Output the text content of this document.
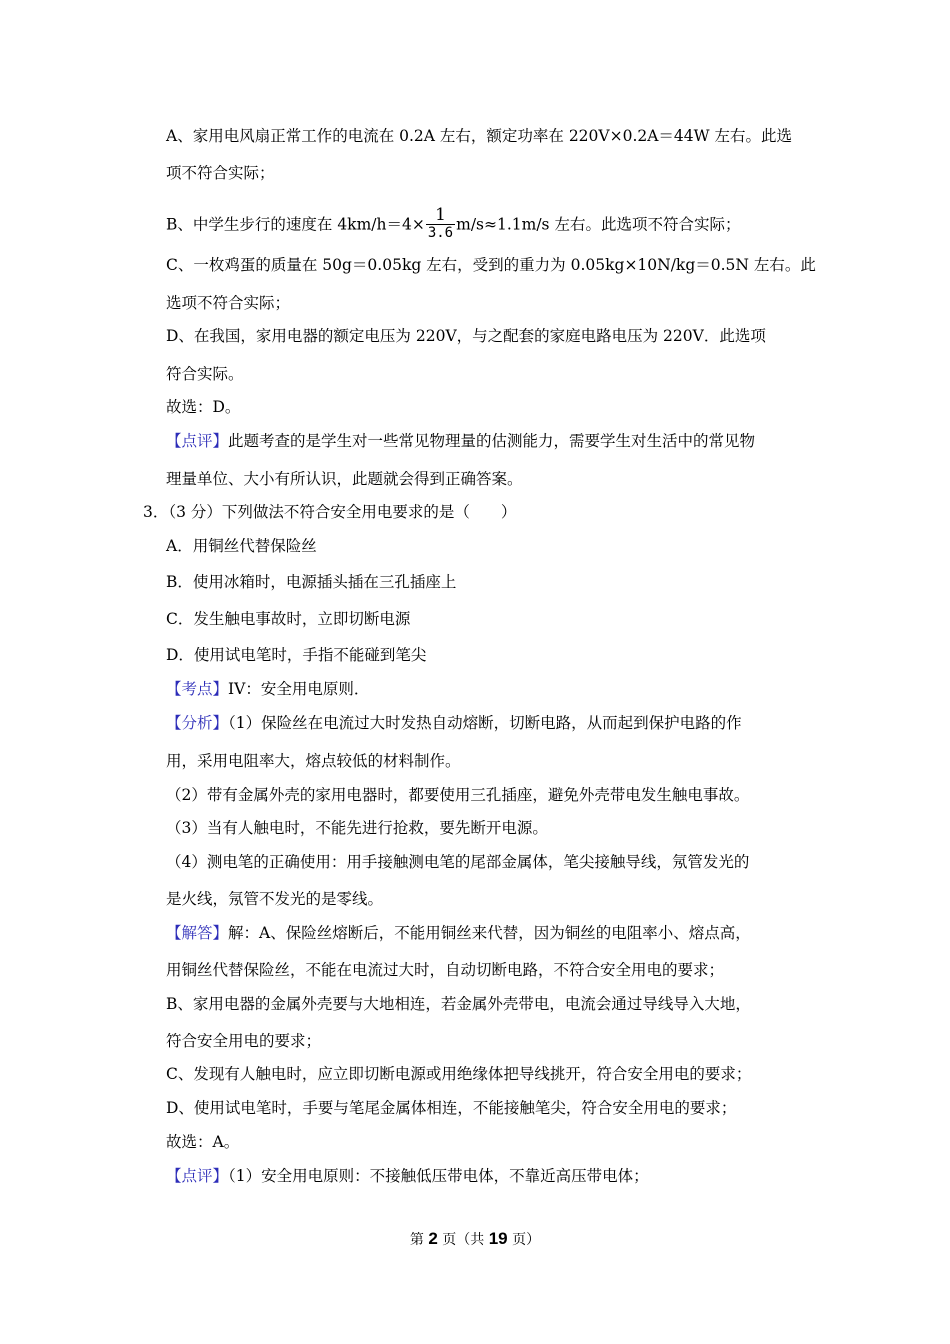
A、家用电风扇正常工作的电流在 0.2A 左右，额定功率在 220V×0.2A＝44W 左右。此选

项不符合实际；

B、中学生步行的速度在 $4km/h=4\times \frac{1}{3.6} m/s\approx 1.1m/s$ 左右。此选项不符合实际；

C、一枚鸡蛋的质量在 50g＝0.05kg 左右，受到的重力为 0.05kg×10N/kg＝0.5N 左右。此

选项不符合实际；

D、在我国，家用电器的额定电压为 220V，与之配套的家庭电路电压为 220V．此选项

符合实际。

故选：D。

【点评】此题考查的是学生对一些常见物理量的估测能力，需要学生对生活中的常见物

理量单位、大小有所认识，此题就会得到正确答案。

3．（3 分）下列做法不符合安全用电要求的是（　　）

A．用铜丝代替保险丝

B．使用冰箱时，电源插头插在三孔插座上

C．发生触电事故时，立即切断电源

D．使用试电笔时，手指不能碰到笔尖

【考点】IV：安全用电原则．

【分析】（1）保险丝在电流过大时发热自动熔断，切断电路，从而起到保护电路的作

用，采用电阻率大，熔点较低的材料制作。

（2）带有金属外壳的家用电器时，都要使用三孔插座，避免外壳带电发生触电事故。

（3）当有人触电时，不能先进行抢救，要先断开电源。

（4）测电笔的正确使用：用手接触测电笔的尾部金属体，笔尖接触导线，氖管发光的

是火线，氖管不发光的是零线。

【解答】解：A、保险丝熔断后，不能用铜丝来代替，因为铜丝的电阻率小、熔点高，

用铜丝代替保险丝，不能在电流过大时，自动切断电路，不符合安全用电的要求；

B、家用电器的金属外壳要与大地相连，若金属外壳带电，电流会通过导线导入大地，

符合安全用电的要求；

C、发现有人触电时，应立即切断电源或用绝缘体把导线挑开，符合安全用电的要求；

D、使用试电笔时，手要与笔尾金属体相连，不能接触笔尖，符合安全用电的要求；

故选：A。

【点评】（1）安全用电原则：不接触低压带电体，不靠近高压带电体；

第 2 页（共 19 页）
